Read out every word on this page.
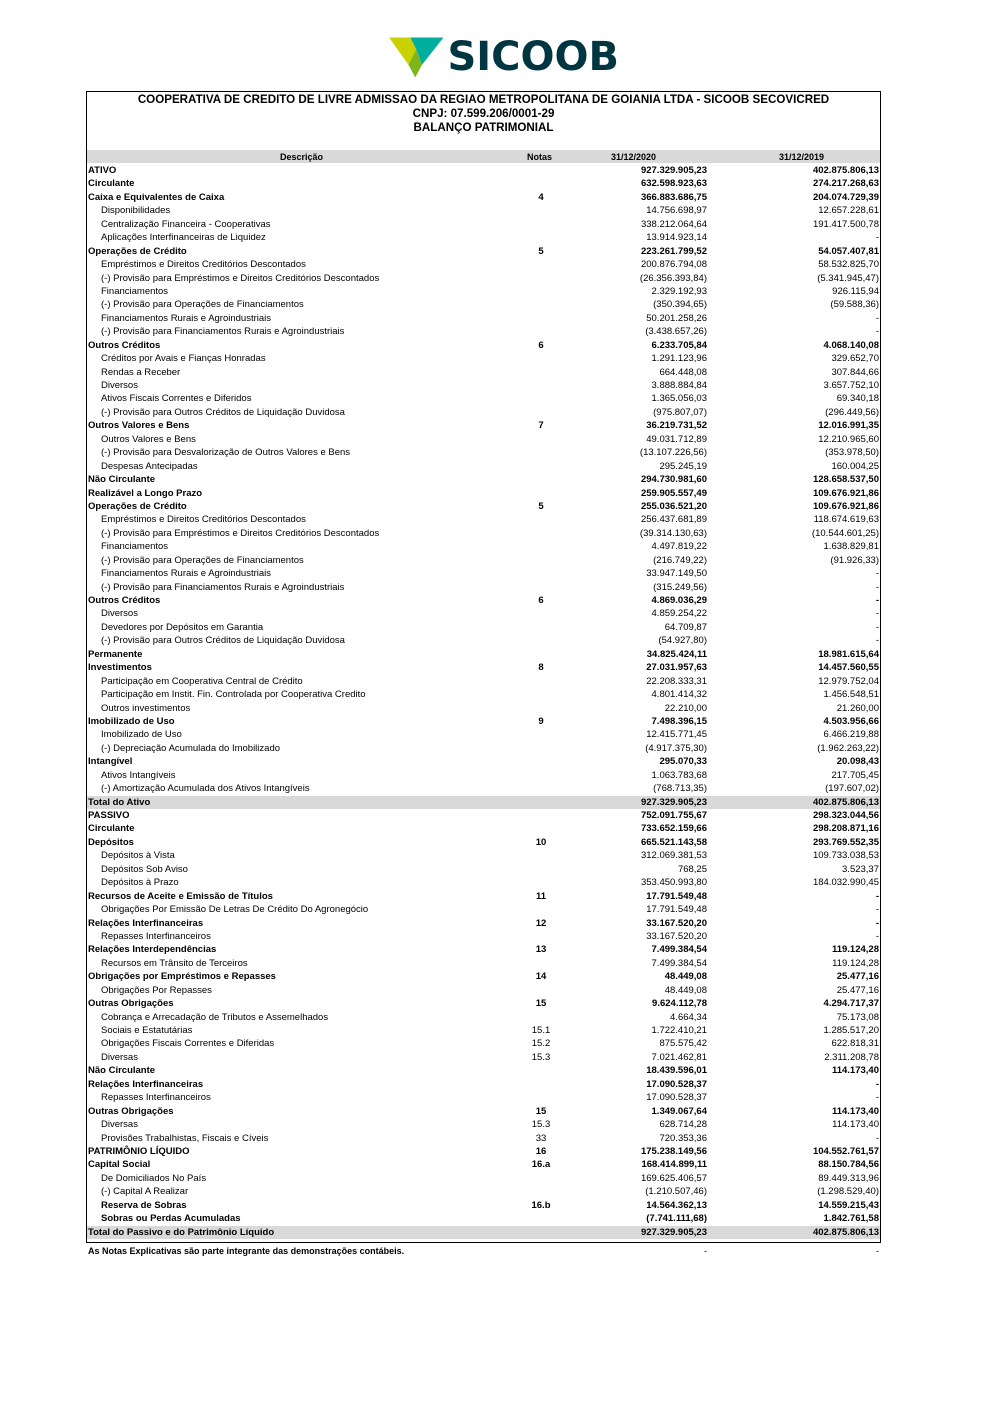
SICOOB
COOPERATIVA DE CREDITO DE LIVRE ADMISSAO DA REGIAO METROPOLITANA DE GOIANIA LTDA - SICOOB SECOVICRED
CNPJ: 07.599.206/0001-29
BALANÇO PATRIMONIAL
Descrição	Notas	31/12/2020	31/12/2019
ATIVO	927.329.905,23	402.875.806,13
Circulante	632.598.923,63	274.217.268,63
Caixa e Equivalentes de Caixa	4	366.883.686,75	204.074.729,39
Disponibilidades	14.756.698,97	12.657.228,61
Centralização Financeira - Cooperativas	338.212.064,64	191.417.500,78
Aplicações Interfinanceiras de Liquidez	13.914.923,14	-
Operações de Crédito	5	223.261.799,52	54.057.407,81
Empréstimos e Direitos Creditórios Descontados	200.876.794,08	58.532.825,70
(-) Provisão para Empréstimos e Direitos Creditórios Descontados	(26.356.393,84)	(5.341.945,47)
Financiamentos	2.329.192,93	926.115,94
(-) Provisão para Operações de Financiamentos	(350.394,65)	(59.588,36)
Financiamentos Rurais e Agroindustriais	50.201.258,26	-
(-) Provisão para Financiamentos Rurais e Agroindustriais	(3.438.657,26)	-
Outros Créditos	6	6.233.705,84	4.068.140,08
Créditos por Avais e Fianças Honradas	1.291.123,96	329.652,70
Rendas a Receber	664.448,08	307.844,66
Diversos	3.888.884,84	3.657.752,10
Ativos Fiscais Correntes e Diferidos	1.365.056,03	69.340,18
(-) Provisão para Outros Créditos de Liquidação Duvidosa	(975.807,07)	(296.449,56)
Outros Valores e Bens	7	36.219.731,52	12.016.991,35
Outros Valores e Bens	49.031.712,89	12.210.965,60
(-) Provisão para Desvalorização de Outros Valores e Bens	(13.107.226,56)	(353.978,50)
Despesas Antecipadas	295.245,19	160.004,25
Não Circulante	294.730.981,60	128.658.537,50
Realizável a Longo Prazo	259.905.557,49	109.676.921,86
Operações de Crédito	5	255.036.521,20	109.676.921,86
Empréstimos e Direitos Creditórios Descontados	256.437.681,89	118.674.619,63
(-) Provisão para Empréstimos e Direitos Creditórios Descontados	(39.314.130,63)	(10.544.601,25)
Financiamentos	4.497.819,22	1.638.829,81
(-) Provisão para Operações de Financiamentos	(216.749,22)	(91.926,33)
Financiamentos Rurais e Agroindustriais	33.947.149,50	-
(-) Provisão para Financiamentos Rurais e Agroindustriais	(315.249,56)	-
Outros Créditos	6	4.869.036,29	-
Diversos	4.859.254,22	-
Devedores por Depósitos em Garantia	64.709,87	-
(-) Provisão para Outros Créditos de Liquidação Duvidosa	(54.927,80)	-
Permanente	34.825.424,11	18.981.615,64
Investimentos	8	27.031.957,63	14.457.560,55
Participação em Cooperativa Central de Crédito	22.208.333,31	12.979.752,04
Participação em Instit. Fin. Controlada por Cooperativa Credito	4.801.414,32	1.456.548,51
Outros investimentos	22.210,00	21.260,00
Imobilizado de Uso	9	7.498.396,15	4.503.956,66
Imobilizado de Uso	12.415.771,45	6.466.219,88
(-) Depreciação Acumulada do Imobilizado	(4.917.375,30)	(1.962.263,22)
Intangível	295.070,33	20.098,43
Ativos Intangíveis	1.063.783,68	217.705,45
(-) Amortização Acumulada dos Ativos Intangíveis	(768.713,35)	(197.607,02)
Total do Ativo	927.329.905,23	402.875.806,13
PASSIVO	752.091.755,67	298.323.044,56
Circulante	733.652.159,66	298.208.871,16
Depósitos	10	665.521.143,58	293.769.552,35
Depósitos à Vista	312.069.381,53	109.733.038,53
Depósitos Sob Aviso	768,25	3.523,37
Depósitos à Prazo	353.450.993,80	184.032.990,45
Recursos de Aceite e Emissão de Títulos	11	17.791.549,48	-
Obrigações Por Emissão De Letras De Crédito Do Agronegócio	17.791.549,48	-
Relações Interfinanceiras	12	33.167.520,20	-
Repasses Interfinanceiros	33.167.520,20	-
Relações Interdependências	13	7.499.384,54	119.124,28
Recursos em Trânsito de Terceiros	7.499.384,54	119.124,28
Obrigações por Empréstimos e Repasses	14	48.449,08	25.477,16
Obrigações Por Repasses	48.449,08	25.477,16
Outras Obrigações	15	9.624.112,78	4.294.717,37
Cobrança e Arrecadação de Tributos e Assemelhados	4.664,34	75.173,08
Sociais e Estatutárias	15.1	1.722.410,21	1.285.517,20
Obrigações Fiscais Correntes e Diferidas	15.2	875.575,42	622.818,31
Diversas	15.3	7.021.462,81	2.311.208,78
Não Circulante	18.439.596,01	114.173,40
Relações Interfinanceiras	17.090.528,37	-
Repasses Interfinanceiros	17.090.528,37	-
Outras Obrigações	15	1.349.067,64	114.173,40
Diversas	15.3	628.714,28	114.173,40
Provisões Trabalhistas, Fiscais e Cíveis	33	720.353,36	-
PATRIMÔNIO LÍQUIDO	16	175.238.149,56	104.552.761,57
Capital Social	16.a	168.414.899,11	88.150.784,56
De Domiciliados No País	169.625.406,57	89.449.313,96
(-) Capital A Realizar	(1.210.507,46)	(1.298.529,40)
Reserva de Sobras	16.b	14.564.362,13	14.559.215,43
Sobras ou Perdas Acumuladas	(7.741.111,68)	1.842.761,58
Total do Passivo e do Patrimônio Líquido	927.329.905,23	402.875.806,13
As Notas Explicativas são parte integrante das demonstrações contábeis.	-	-
